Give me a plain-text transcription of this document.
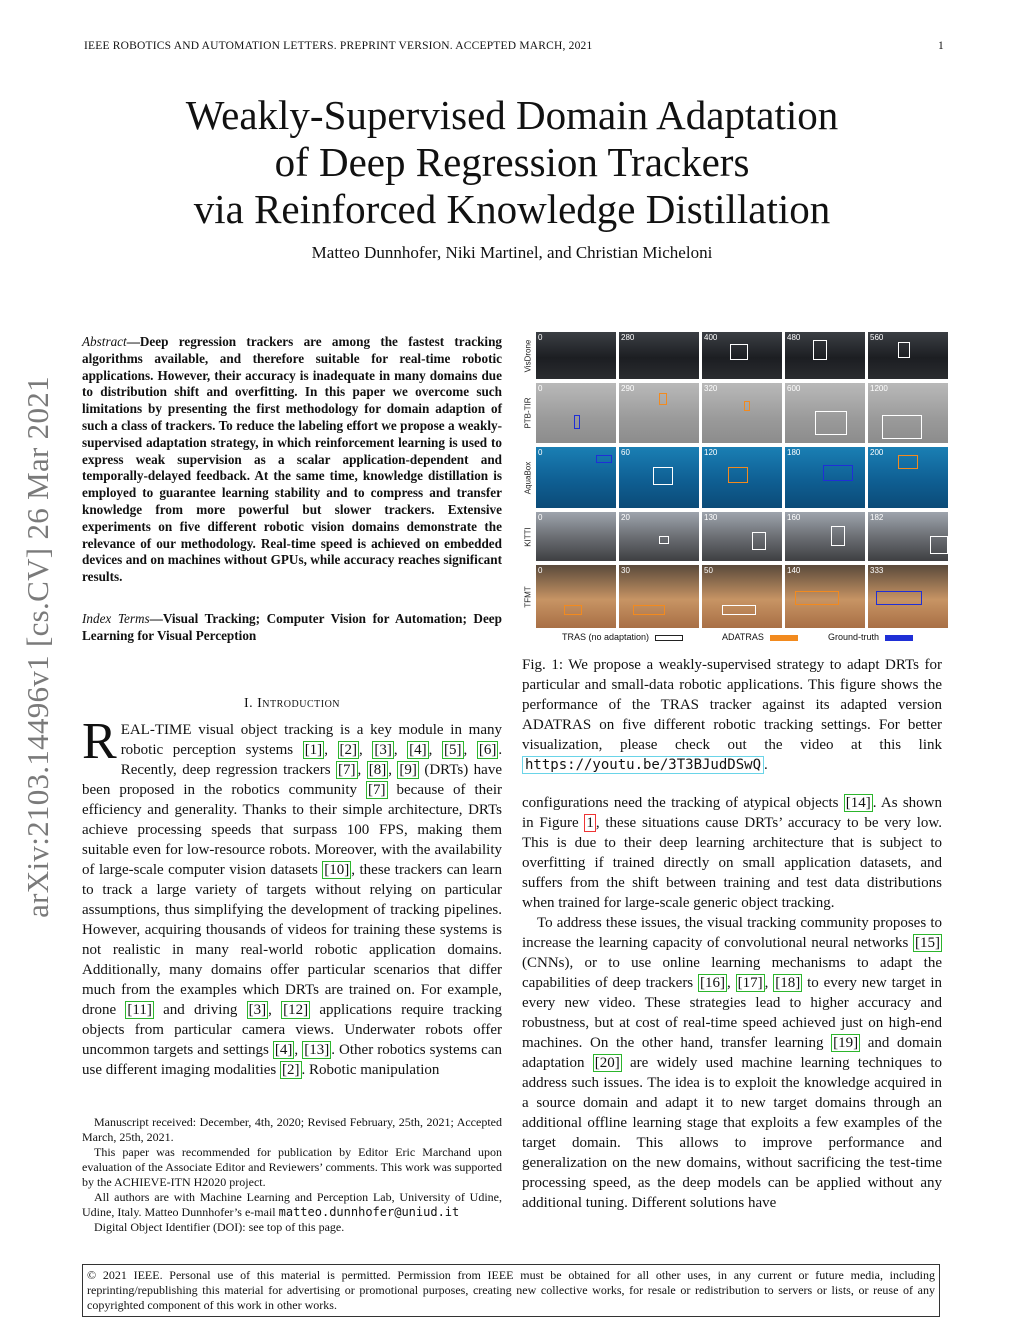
IEEE ROBOTICS AND AUTOMATION LETTERS. PREPRINT VERSION. ACCEPTED MARCH, 2021	1
Weakly-Supervised Domain Adaptation
of Deep Regression Trackers
via Reinforced Knowledge Distillation
Matteo Dunnhofer, Niki Martinel, and Christian Micheloni
arXiv:2103.14496v1 [cs.CV] 26 Mar 2021
Abstract—Deep regression trackers are among the fastest tracking algorithms available, and therefore suitable for real-time robotic applications. However, their accuracy is inadequate in many domains due to distribution shift and overfitting. In this paper we overcome such limitations by presenting the first methodology for domain adaption of such a class of trackers. To reduce the labeling effort we propose a weakly-supervised adaptation strategy, in which reinforcement learning is used to express weak supervision as a scalar application-dependent and temporally-delayed feedback. At the same time, knowledge distillation is employed to guarantee learning stability and to compress and transfer knowledge from more powerful but slower trackers. Extensive experiments on five different robotic vision domains demonstrate the relevance of our methodology. Real-time speed is achieved on embedded devices and on machines without GPUs, while accuracy reaches significant results.
Index Terms—Visual Tracking; Computer Vision for Automation; Deep Learning for Visual Perception
I. Introduction
REAL-TIME visual object tracking is a key module in many robotic perception systems [1] , [2] , [3] , [4] , [5] , [6] . Recently, deep regression trackers [7] , [8] , [9] (DRTs) have been proposed in the robotics community [7] because of their efficiency and generality. Thanks to their simple architecture, DRTs achieve processing speeds that surpass 100 FPS, making them suitable even for low-resource robots. Moreover, with the availability of large-scale computer vision datasets [10] , these trackers can learn to track a large variety of targets without relying on particular assumptions, thus simplifying the development of tracking pipelines. However, acquiring thousands of videos for training these systems is not realistic in many real-world robotic application domains. Additionally, many domains offer particular scenarios that differ much from the examples which DRTs are trained on. For example, drone [11] and driving [3] , [12] applications require tracking objects from particular camera views. Underwater robots offer uncommon targets and settings [4] , [13] . Other robotics systems can use different imaging modalities [2] . Robotic manipulation

Manuscript received: December, 4th, 2020; Revised February, 25th, 2021; Accepted March, 25th, 2021.

This paper was recommended for publication by Editor Eric Marchand upon evaluation of the Associate Editor and Reviewers’ comments. This work was supported by the ACHIEVE-ITN H2020 project.

All authors are with Machine Learning and Perception Lab, University of Udine, Udine, Italy. Matteo Dunnhofer’s e-mail matteo.dunnhofer@uniud.it

Digital Object Identifier (DOI): see top of this page.

VisDrone
0	280	400	480	560
PTB-TIR
0	290	320	600	1200
AquaBox
0	60	120	180	200
KITTI
0	20	130	160	182
TFMT
0	30	50	140	333
TRAS (no adaptation)	ADATRAS	Ground-truth
Fig. 1: We propose a weakly-supervised strategy to adapt DRTs for particular and small-data robotic applications. This figure shows the performance of the TRAS tracker against its adapted version ADATRAS on five different robotic tracking settings. For better visualization, please check out the video at this link https://youtu.be/3T3BJudDSwQ .

configurations need the tracking of atypical objects [14] . As shown in Figure 1 , these situations cause DRTs’ accuracy to be very low. This is due to their deep learning architecture that is subject to overfitting if trained directly on small application datasets, and suffers from the shift between training and test data distributions when trained for large-scale generic object tracking.

To address these issues, the visual tracking community proposes to increase the learning capacity of convolutional neural networks [15] (CNNs), or to use online learning mechanisms to adapt the capabilities of deep trackers [16] , [17] , [18] to every new target in every new video. These strategies lead to higher accuracy and robustness, but at cost of real-time speed achieved just on high-end machines. On the other hand, transfer learning [19] and domain adaptation [20] are widely used machine learning techniques to address such issues. The idea is to exploit the knowledge acquired in a source domain and adapt it to new target domains through an additional offline learning stage that exploits a few examples of the target domain. This allows to improve performance and generalization on the new domains, without sacrificing the test-time processing speed, as the deep models can be applied without any additional tuning. Different solutions have

© 2021 IEEE. Personal use of this material is permitted. Permission from IEEE must be obtained for all other uses, in any current or future media, including reprinting/republishing this material for advertising or promotional purposes, creating new collective works, for resale or redistribution to servers or lists, or reuse of any copyrighted component of this work in other works.
